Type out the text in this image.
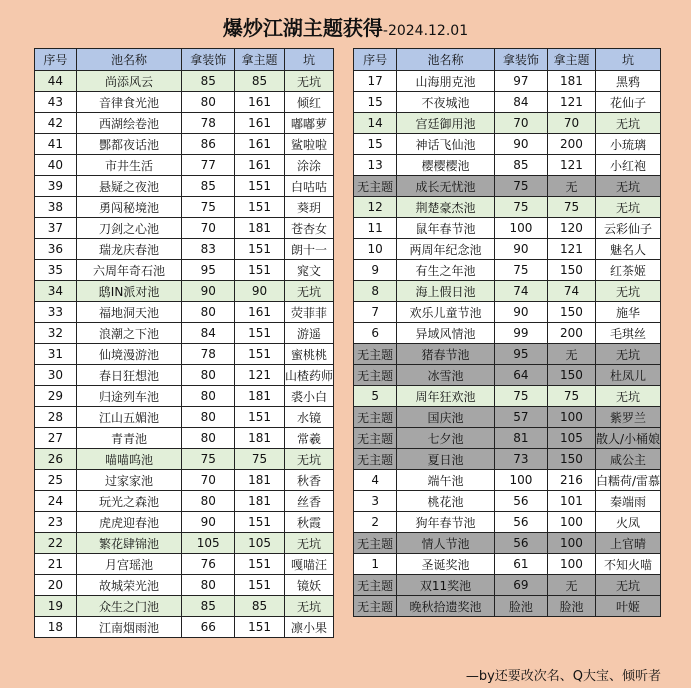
爆炒江湖主题获得-2024.12.01
序号	池名称	拿装饰	拿主题	坑
44	尚添风云	85	85	无坑
43	音律食光池	80	161	倾红
42	西湖绘卷池	78	161	嘟嘟萝
41	酆都夜话池	86	161	鲨啦啦
40	市井生活	77	161	涂涂
39	悬疑之夜池	85	151	白咕咕
38	勇闯秘境池	75	151	葵玥
37	刀剑之心池	70	181	苍杏女
36	瑞龙庆春池	83	151	朗十一
35	六周年奇石池	95	151	窕文
34	鸱IN派对池	90	90	无坑
33	福地洞天池	80	161	荧菲菲
32	浪潮之下池	84	151	游遥
31	仙境漫游池	78	151	蜜桃桃
30	春日狂想池	80	121	山楂药师
29	归途列车池	80	181	裘小白
28	江山五媚池	80	151	水镜
27	青青池	80	181	常羲
26	喵喵呜池	75	75	无坑
25	过家家池	70	181	秋香
24	玩光之森池	80	181	丝香
23	虎虎迎春池	90	151	秋霞
22	繁花肆锦池	105	105	无坑
21	月宫瑶池	76	151	嘎喵汪
20	故城荣光池	80	151	镜妖
19	众生之门池	85	85	无坑
18	江南烟雨池	66	151	凛小果
序号	池名称	拿装饰	拿主题	坑
17	山海朋克池	97	181	黑鸦
15	不夜城池	84	121	花仙子
14	宫廷御用池	70	70	无坑
15	神话飞仙池	90	200	小琉璃
13	樱樱樱池	85	121	小红袍
无主题	成长无忧池	75	无	无坑
12	荆楚豪杰池	75	75	无坑
11	鼠年春节池	100	120	云彩仙子
10	两周年纪念池	90	121	魅名人
9	有生之年池	75	150	红茶姬
8	海上假日池	74	74	无坑
7	欢乐儿童节池	90	150	施华
6	异域风情池	99	200	毛琪丝
无主题	猪春节池	95	无	无坑
无主题	冰雪池	64	150	杜凤儿
5	周年狂欢池	75	75	无坑
无主题	国庆池	57	100	紫罗兰
无主题	七夕池	81	105	散人/小桶娘
无主题	夏日池	73	150	咸公主
4	端午池	100	216	白糯荷/雷慕
3	桃花池	56	101	秦端雨
2	狗年春节池	56	100	火凤
无主题	情人节池	56	100	上官晴
1	圣诞奖池	61	100	不知火喵
无主题	双11奖池	69	无	无坑
无主题	晚秋拾遗奖池	脸池	脸池	叶姬
—by还要改次名、Q大宝、倾听者
